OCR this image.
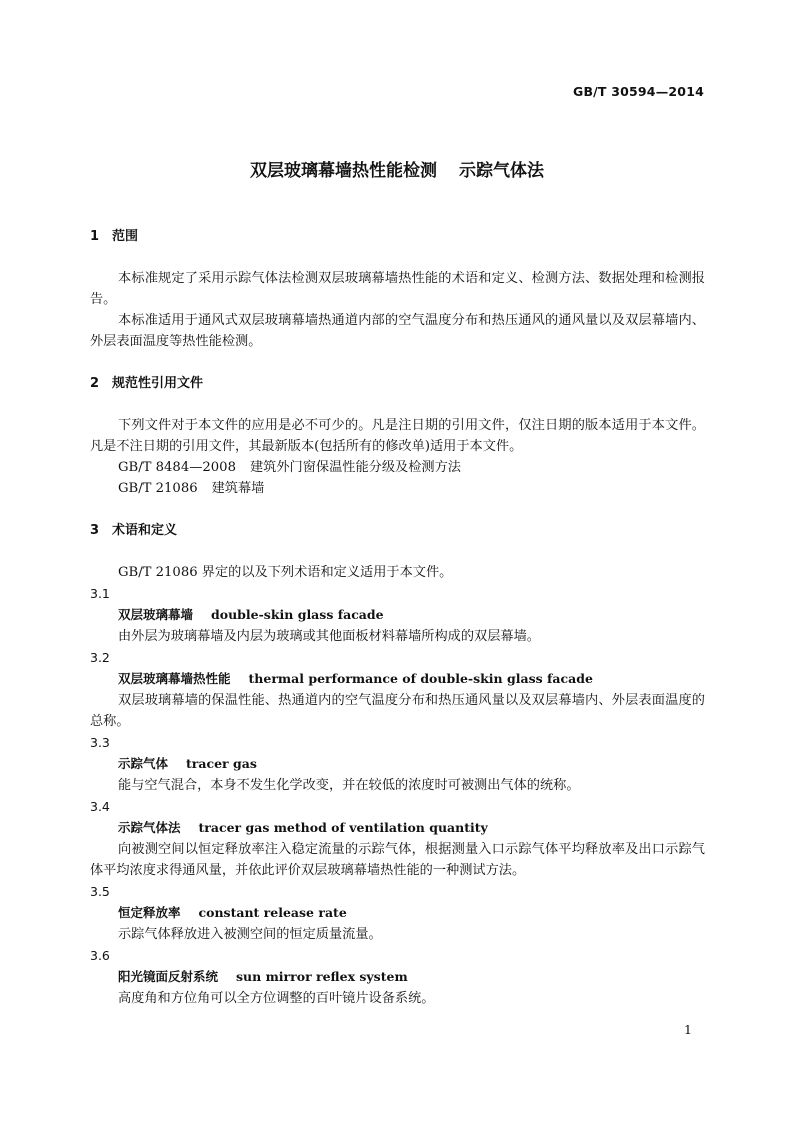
GB/T 30594—2014
双层玻璃幕墙热性能检测 示踪气体法
1 范围

本标准规定了采用示踪气体法检测双层玻璃幕墙热性能的术语和定义、检测方法、数据处理和检测报告。

本标准适用于通风式双层玻璃幕墙热通道内部的空气温度分布和热压通风的通风量以及双层幕墙内、外层表面温度等热性能检测。

2 规范性引用文件

下列文件对于本文件的应用是必不可少的。凡是注日期的引用文件，仅注日期的版本适用于本文件。凡是不注日期的引用文件，其最新版本(包括所有的修改单)适用于本文件。

GB/T 8484—2008 建筑外门窗保温性能分级及检测方法

GB/T 21086 建筑幕墙

3 术语和定义

GB/T 21086 界定的以及下列术语和定义适用于本文件。

3.1

双层玻璃幕墙 double-skin glass facade

由外层为玻璃幕墙及内层为玻璃或其他面板材料幕墙所构成的双层幕墙。

3.2

双层玻璃幕墙热性能 thermal performance of double-skin glass facade

双层玻璃幕墙的保温性能、热通道内的空气温度分布和热压通风量以及双层幕墙内、外层表面温度的总称。

3.3

示踪气体 tracer gas

能与空气混合，本身不发生化学改变，并在较低的浓度时可被测出气体的统称。

3.4

示踪气体法 tracer gas method of ventilation quantity

向被测空间以恒定释放率注入稳定流量的示踪气体，根据测量入口示踪气体平均释放率及出口示踪气体平均浓度求得通风量，并依此评价双层玻璃幕墙热性能的一种测试方法。

3.5

恒定释放率 constant release rate

示踪气体释放进入被测空间的恒定质量流量。

3.6

阳光镜面反射系统 sun mirror reflex system

高度角和方位角可以全方位调整的百叶镜片设备系统。

1
